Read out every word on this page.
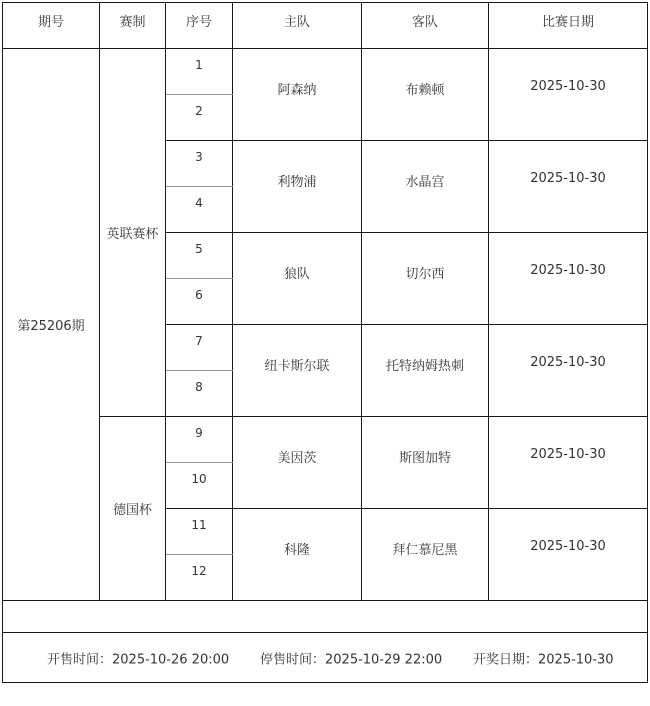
期号	赛制	序号	主队	客队	比赛日期
第25206期	英联赛杯	1	阿森纳	布赖顿	2025-10-30
		2			
		3	利物浦	水晶宫	2025-10-30
		4			
		5	狼队	切尔西	2025-10-30
		6			
		7	纽卡斯尔联	托特纳姆热刺	2025-10-30
		8			
	德国杯	9	美因茨	斯图加特	2025-10-30
		10			
		11	科隆	拜仁慕尼黑	2025-10-30
		12			

开售时间：2025-10-26 20:00 停售时间：2025-10-29 22:00 开奖日期：2025-10-30					
